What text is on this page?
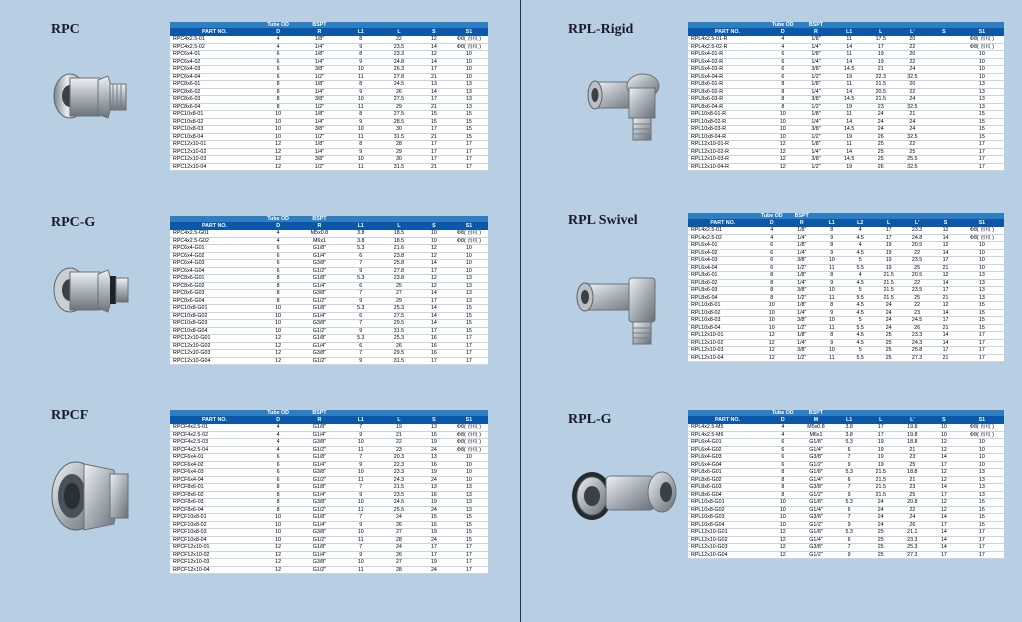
RPC
		Tube OD	BSPT				
PART NO.	D	R	L1	L	S	S1
RPC4x2.5-01	4	1/8"	8	22	12	Φ8( 直纹 )
RPC4x2.5-02	4	1/4"	9	23.5	14	Φ8( 直纹 )
RPC6x4-01	6	1/8"	8	23.3	12	10
RPC6x4-02	6	1/4"	9	24.8	14	10
RPC6x4-03	6	3/8"	10	26.3	17	10
RPC6x4-04	6	1/2"	11	27.8	21	10
RPC8x6-01	8	1/8"	8	24.5	13	13
RPC8x6-02	8	1/4"	9	26	14	13
RPC8x6-03	8	3/8"	10	27.5	17	13
RPC8x6-04	8	1/2"	11	29	21	13
RPC10x8-01	10	1/8"	8	27.5	15	15
RPC10x8-02	10	1/4"	9	28.5	15	15
RPC10x8-03	10	3/8"	10	30	17	15
RPC10x8-04	10	1/2"	11	31.5	21	15
RPC12x10-01	12	1/8"	8	28	17	17
RPC12x10-02	12	1/4"	9	29	17	17
RPC12x10-03	12	3/8"	10	30	17	17
RPC12x10-04	12	1/2"	11	31.5	21	17
RPC-G
		Tube OD	BSPT				
PART NO.	D	R	L1	L	S	S1
RPC4x2.5-G01	4	M5x0.8	3.8	18.5	10	Φ8( 直纹 )
RPC4x2.5-G02	4	M6x1	3.8	18.5	10	Φ8( 直纹 )
RPC6x4-G01	6	G1/8"	5.3	21.6	12	10
RPC6x4-G02	6	G1/4"	6	23.8	12	10
RPC6x4-G03	6	G3/8"	7	25.8	14	10
RPC6x4-G04	6	G1/2"	9	27.8	17	10
RPC8x6-G01	8	G1/8"	5.3	23.8	12	13
RPC8x6-G02	8	G1/4"	6	25	12	13
RPC8x6-G03	8	G3/8"	7	27	14	13
RPC8x6-G04	8	G1/2"	9	29	17	13
RPC10x8-G01	10	G1/8"	5.3	25.3	14	15
RPC10x8-G02	10	G1/4"	6	27.5	14	15
RPC10x8-G03	10	G3/8"	7	29.5	14	15
RPC10x8-G04	10	G1/2"	9	31.5	17	15
RPC12x10-G01	12	G1/8"	5.3	25.3	16	17
RPC12x10-G02	12	G1/4"	6	26	16	17
RPC12x10-G03	12	G3/8"	7	29.5	16	17
RPC12x10-G04	12	G1/2"	9	31.5	17	17
RPCF
		Tube OD	BSPT				
PART NO.	D	R	L1	L	S	S1
RPCF4x2.5-01	4	G1/8"	7	19	13	Φ8( 直纹 )
RPCF4x2.5-02	4	G1/4"	9	21	16	Φ8( 直纹 )
RPCF4x2.5-03	4	G3/8"	10	22	19	Φ8( 直纹 )
RPCF4x2.5-04	4	G1/2"	11	23	24	Φ8( 直纹 )
RPCF6x4-01	6	G1/8"	7	20.3	13	10
RPCF6x4-02	6	G1/4"	9	22.3	16	10
RPCF6x4-03	6	G3/8"	10	23.3	19	10
RPCF6x4-04	6	G1/2"	11	24.3	24	10
RPCF8x6-01	8	G1/8"	7	21.5	13	13
RPCF8x6-02	8	G1/4"	9	23.5	16	13
RPCF8x6-03	8	G3/8"	10	24.5	19	13
RPCF8x6-04	8	G1/2"	11	25.5	24	13
RPCF10x8-01	10	G1/8"	7	24	15	15
RPCF10x8-02	10	G1/4"	9	26	16	15
RPCF10x8-03	10	G3/8"	10	27	19	15
RPCF10x8-04	10	G1/2"	11	28	24	15
RPCF12x10-01	12	G1/8"	7	24	17	17
RPCF12x10-02	12	G1/4"	9	26	17	17
RPCF12x10-03	12	G3/8"	10	27	19	17
RPCF12x10-04	12	G1/2"	11	28	24	17
RPL-Rigid
		Tube OD	BSPT					
PART NO.	D	R	L1	L	L'	S	S1
RPL4x2.5-01-R	4	1/8"	11	17.5	20		Φ8( 直纹 )
RPL4x2.5-02-R	4	1/4"	14	17	22		Φ8( 直纹 )
RPL6x4-01-R	6	1/8"	11	19	20		10
RPL6x4-02-R	6	1/4"	14	19	22		10
RPL6x4-03-R	6	3/8"	14.5	21	24		10
RPL6x4-04-R	6	1/2"	19	22.3	32.5		10
RPL8x6-01-R	8	1/8"	11	21.5	20		13
RPL8x6-02-R	8	1/4"	14	20.5	22		13
RPL8x6-03-R	8	3/8"	14.5	21.5	24		13
RPL8x6-04-R	8	1/2"	19	23	32.5		13
RPL10x8-01-R	10	1/8"	11	24	21		15
RPL10x8-02-R	10	1/4"	14	24	24		15
RPL10x8-03-R	10	3/8"	14.5	24	24		15
RPL10x8-04-R	10	1/2"	19	26	32.5		15
RPL12x10-01-R	12	1/8"	11	25	22		17
RPL12x10-02-R	12	1/4"	14	25	25		17
RPL12x10-03-R	12	3/8"	14.5	25	25.5		17
RPL12x10-04-R	12	1/2"	19	26	32.5		17
RPL Swivel
		Tube OD	BSPT						
PART NO.	D	R	L1	L2	L	L'	S	S1
RPL4x2.5-01	4	1/8"	8	4	17	23.3	12	Φ8( 直纹 )
RPL4x2.5-02	4	1/4"	9	4.5	17	24.8	14	Φ8( 直纹 )
RPL6x4-01	6	1/8"	8	4	19	20.5	12	10
RPL6x4-02	6	1/4"	9	4.5	19	22	14	10
RPL6x4-03	6	3/8"	10	5	19	23.5	17	10
RPL6x4-04	6	1/2"	11	5.5	19	25	21	10
RPL8x6-01	8	1/8"	8	4	21.5	20.5	12	13
RPL8x6-02	8	1/4"	9	4.5	21.5	22	14	13
RPL8x6-03	8	3/8"	10	5	21.5	23.5	17	13
RPL8x6-04	8	1/2"	11	5.5	21.5	25	21	13
RPL10x8-01	10	1/8"	8	4.5	24	22	12	15
RPL10x8-02	10	1/4"	9	4.5	24	23	14	15
RPL10x8-03	10	3/8"	10	5	24	24.5	17	15
RPL10x8-04	10	1/2"	11	5.5	24	26	21	15
RPL12x10-01	12	1/8"	8	4.5	25	23.3	14	17
RPL12x10-02	12	1/4"	9	4.5	25	24.3	14	17
RPL12x10-03	12	3/8"	10	5	25	25.8	17	17
RPL12x10-04	12	1/2"	11	5.5	25	27.3	21	17
RPL-G
		Tube OD	BSPT					
PART NO.	D	M	L1	L	L'	S	S1
RPL4x2.5-M5	4	M5x0.8	3.8	17	19.8	10	Φ8( 直纹 )
RPL4x2.5-M6	4	M6x1	3.8	17	19.8	10	Φ8( 直纹 )
RPL6x4-G01	6	G1/8"	5.3	19	18.8	12	10
RPL6x4-G02	6	G1/4"	6	19	21	12	10
RPL6x4-G03	6	G3/8"	7	19	23	14	10
RPL6x4-G04	6	G1/2"	9	19	25	17	10
RPL8x6-G01	8	G1/8"	5.3	21.5	18.8	12	13
RPL8x6-G02	8	G1/4"	6	21.5	21	12	13
RPL8x6-G03	8	G3/8"	7	21.5	23	14	13
RPL8x6-G04	8	G1/2"	9	21.5	25	17	13
RPL10x8-G01	10	G1/8"	5.3	24	20.8	12	15
RPL10x8-G02	10	G1/4"	6	24	22	12	15
RPL10x8-G03	10	G3/8"	7	24	24	14	15
RPL10x8-G04	10	G1/2"	9	24	26	17	15
RPL12x10-G01	12	G1/8"	5.3	25	21.1	14	17
RPL12x10-G02	12	G1/4"	6	25	23.3	14	17
RPL12x10-G03	12	G3/8"	7	25	25.3	14	17
RPL12x10-G04	12	G1/2"	9	25	27.3	17	17
